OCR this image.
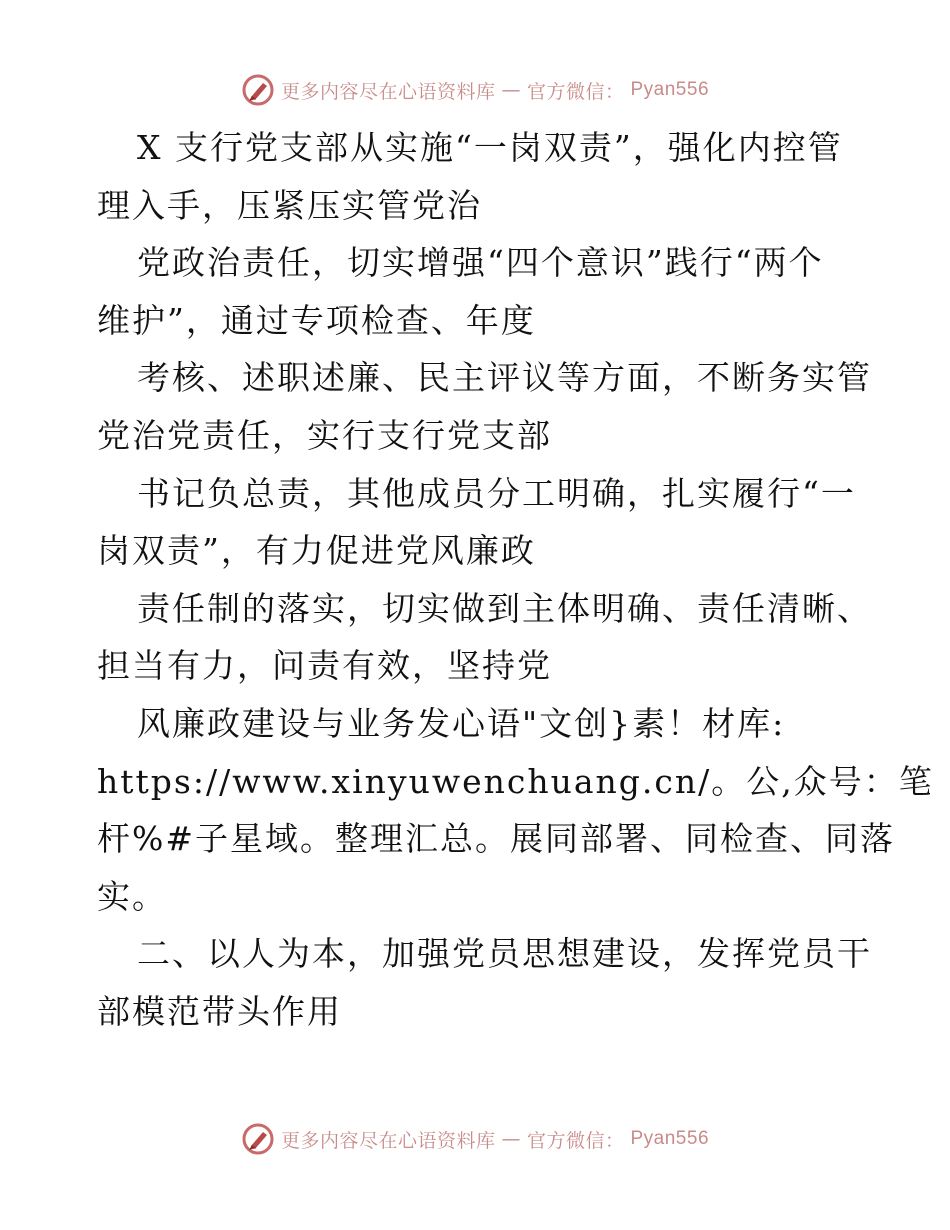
更多内容尽在心语资料库 — 官方微信： Pyan556
X 支行党支部从实施“一岗双责”，强化内控管
理入手，压紧压实管党治
党政治责任，切实增强“四个意识”践行“两个
维护”，通过专项检查、年度
考核、述职述廉、民主评议等方面，不断务实管
党治党责任，实行支行党支部
书记负总责，其他成员分工明确，扎实履行“一
岗双责”，有力促进党风廉政
责任制的落实，切实做到主体明确、责任清晰、
担当有力，问责有效，坚持党
风廉政建设与业务发心语"文创}素！材库:
https://www.xinyuwenchuang.cn/。公,众号：笔
杆%#子星域。整理汇总。展同部署、同检查、同落
实。
二、以人为本，加强党员思想建设，发挥党员干
部模范带头作用
更多内容尽在心语资料库 — 官方微信： Pyan556
